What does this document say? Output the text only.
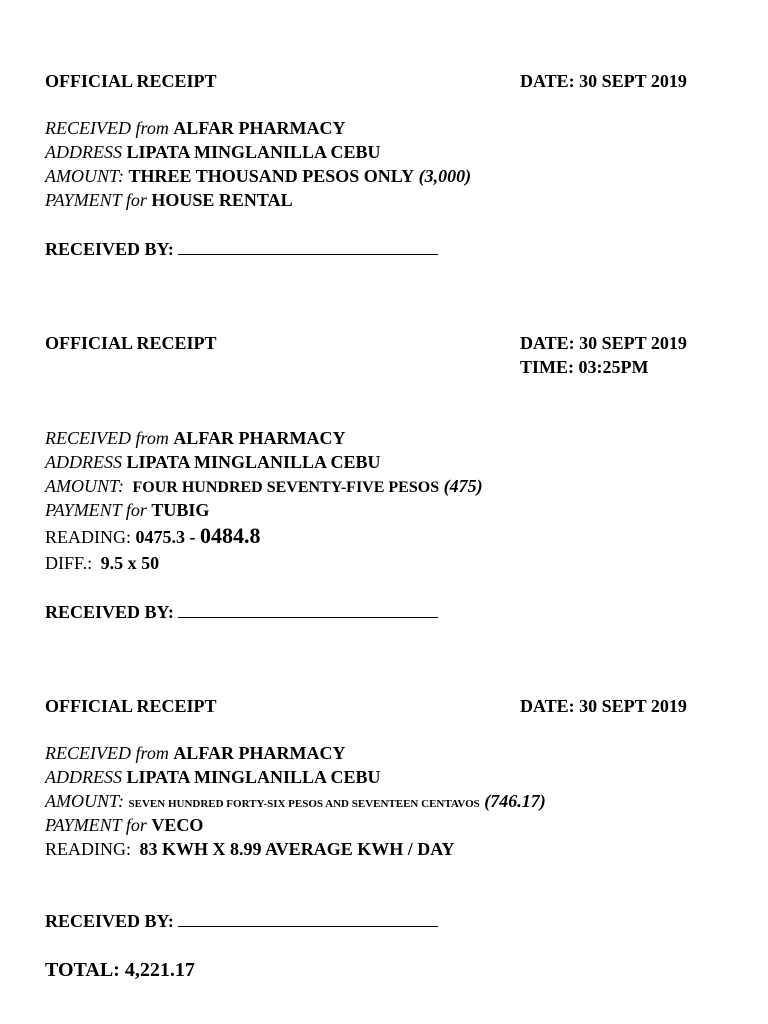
OFFICIAL RECEIPT	DATE: 30 SEPT 2019
RECEIVED from ALFAR PHARMACY
ADDRESS LIPATA MINGLANILLA CEBU
AMOUNT: THREE THOUSAND PESOS ONLY (3,000)
PAYMENT for HOUSE RENTAL
RECEIVED BY:
OFFICIAL RECEIPT	DATE: 30 SEPT 2019
TIME: 03:25PM
RECEIVED from ALFAR PHARMACY
ADDRESS LIPATA MINGLANILLA CEBU
AMOUNT: FOUR HUNDRED SEVENTY-FIVE PESOS (475)
PAYMENT for TUBIG
READING: 0475.3 - 0484.8
DIFF.: 9.5 x 50
RECEIVED BY:
OFFICIAL RECEIPT	DATE: 30 SEPT 2019
RECEIVED from ALFAR PHARMACY
ADDRESS LIPATA MINGLANILLA CEBU
AMOUNT: SEVEN HUNDRED FORTY-SIX PESOS AND SEVENTEEN CENTAVOS (746.17)
PAYMENT for VECO
READING: 83 KWH X 8.99 AVERAGE KWH / DAY
RECEIVED BY:
TOTAL: 4,221.17
